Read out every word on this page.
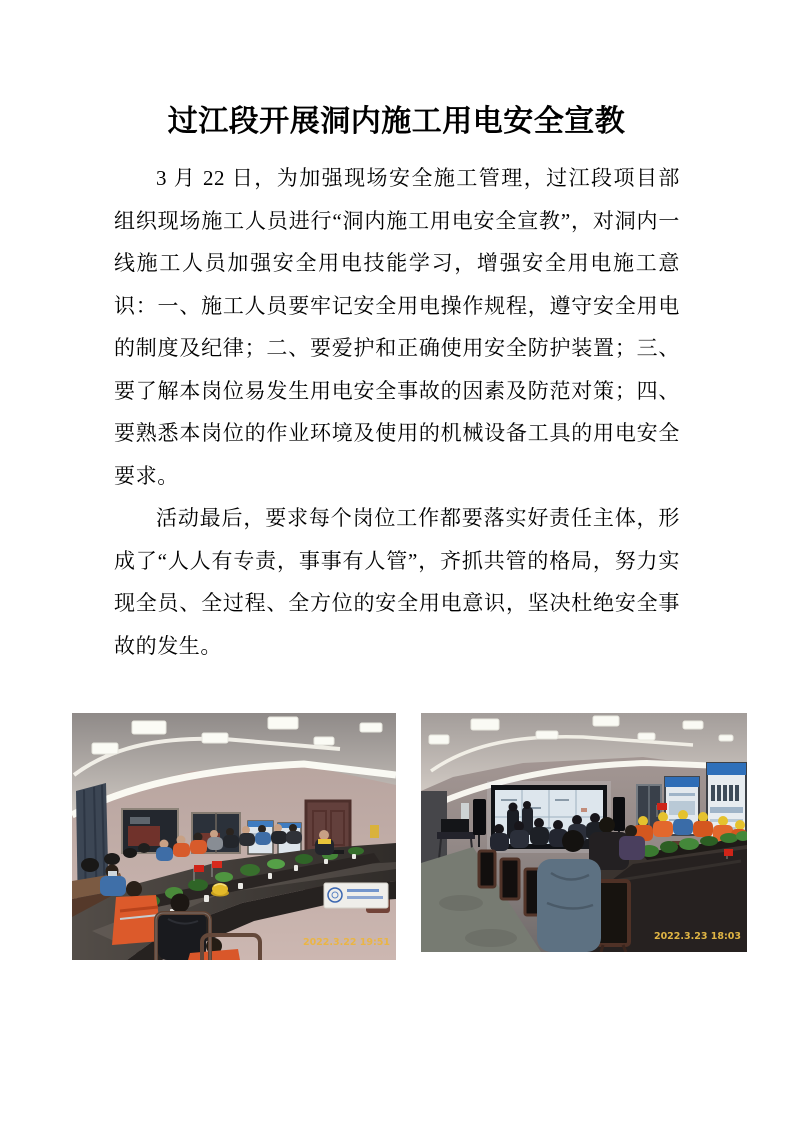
过江段开展洞内施工用电安全宣教

3 月 22 日，为加强现场安全施工管理，过江段项目部组织现场施工人员进行“洞内施工用电安全宣教”，对洞内一线施工人员加强安全用电技能学习，增强安全用电施工意识：一、施工人员要牢记安全用电操作规程，遵守安全用电的制度及纪律；二、要爱护和正确使用安全防护装置；三、要了解本岗位易发生用电安全事故的因素及防范对策；四、要熟悉本岗位的作业环境及使用的机械设备工具的用电安全要求。

活动最后，要求每个岗位工作都要落实好责任主体，形成了“人人有专责，事事有人管”，齐抓共管的格局，努力实现全员、全过程、全方位的安全用电意识，坚决杜绝安全事故的发生。

2022.3.22 19:51
2022.3.23 18:03
